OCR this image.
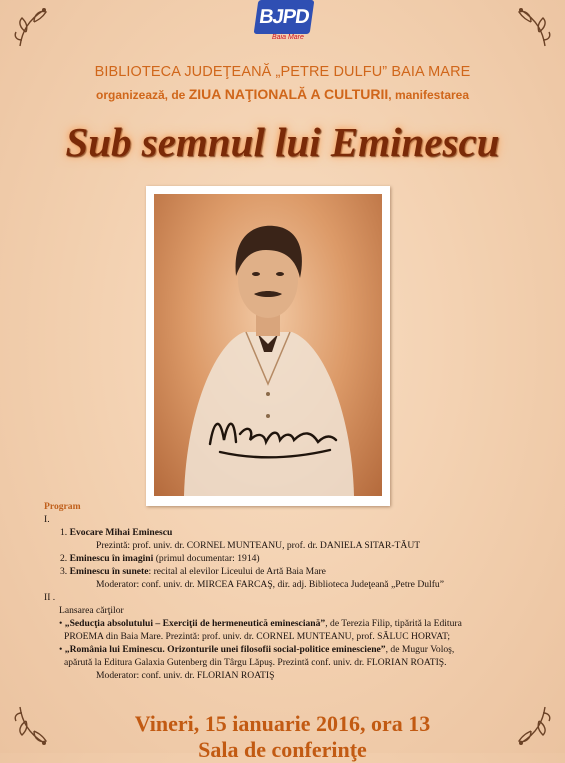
BJPD
Baia Mare
BIBLIOTECA JUDEŢEANĂ „PETRE DULFU” BAIA MARE
organizează, de ZIUA NAŢIONALĂ A CULTURII, manifestarea
Sub semnul lui Eminescu
M Eminescu
Program
I.
1. Evocare Mihai Eminescu
Prezintă: prof. univ. dr. CORNEL MUNTEANU, prof. dr. DANIELA SITAR-TĂUT
2. Eminescu în imagini (primul documentar: 1914)
3. Eminescu în sunete: recital al elevilor Liceului de Artă Baia Mare
Moderator: conf. univ. dr. MIRCEA FARCAŞ, dir. adj. Biblioteca Judeţeană „Petre Dulfu”
II .
Lansarea cărţilor
• „Seducţia absolutului – Exerciţii de hermeneutică eminesciană”, de Terezia Filip, tipărită la Editura
PROEMA din Baia Mare. Prezintă: prof. univ. dr. CORNEL MUNTEANU, prof. SĂLUC HORVAT;
• „România lui Eminescu. Orizonturile unei filosofii social-politice eminesciene”, de Mugur Voloş,
apărută la Editura Galaxia Gutenberg din Târgu Lăpuş. Prezintă conf. univ. dr. FLORIAN ROATIŞ.
Moderator: conf. univ. dr. FLORIAN ROATIŞ
Vineri, 15 ianuarie 2016, ora 13
Sala de conferinţe
